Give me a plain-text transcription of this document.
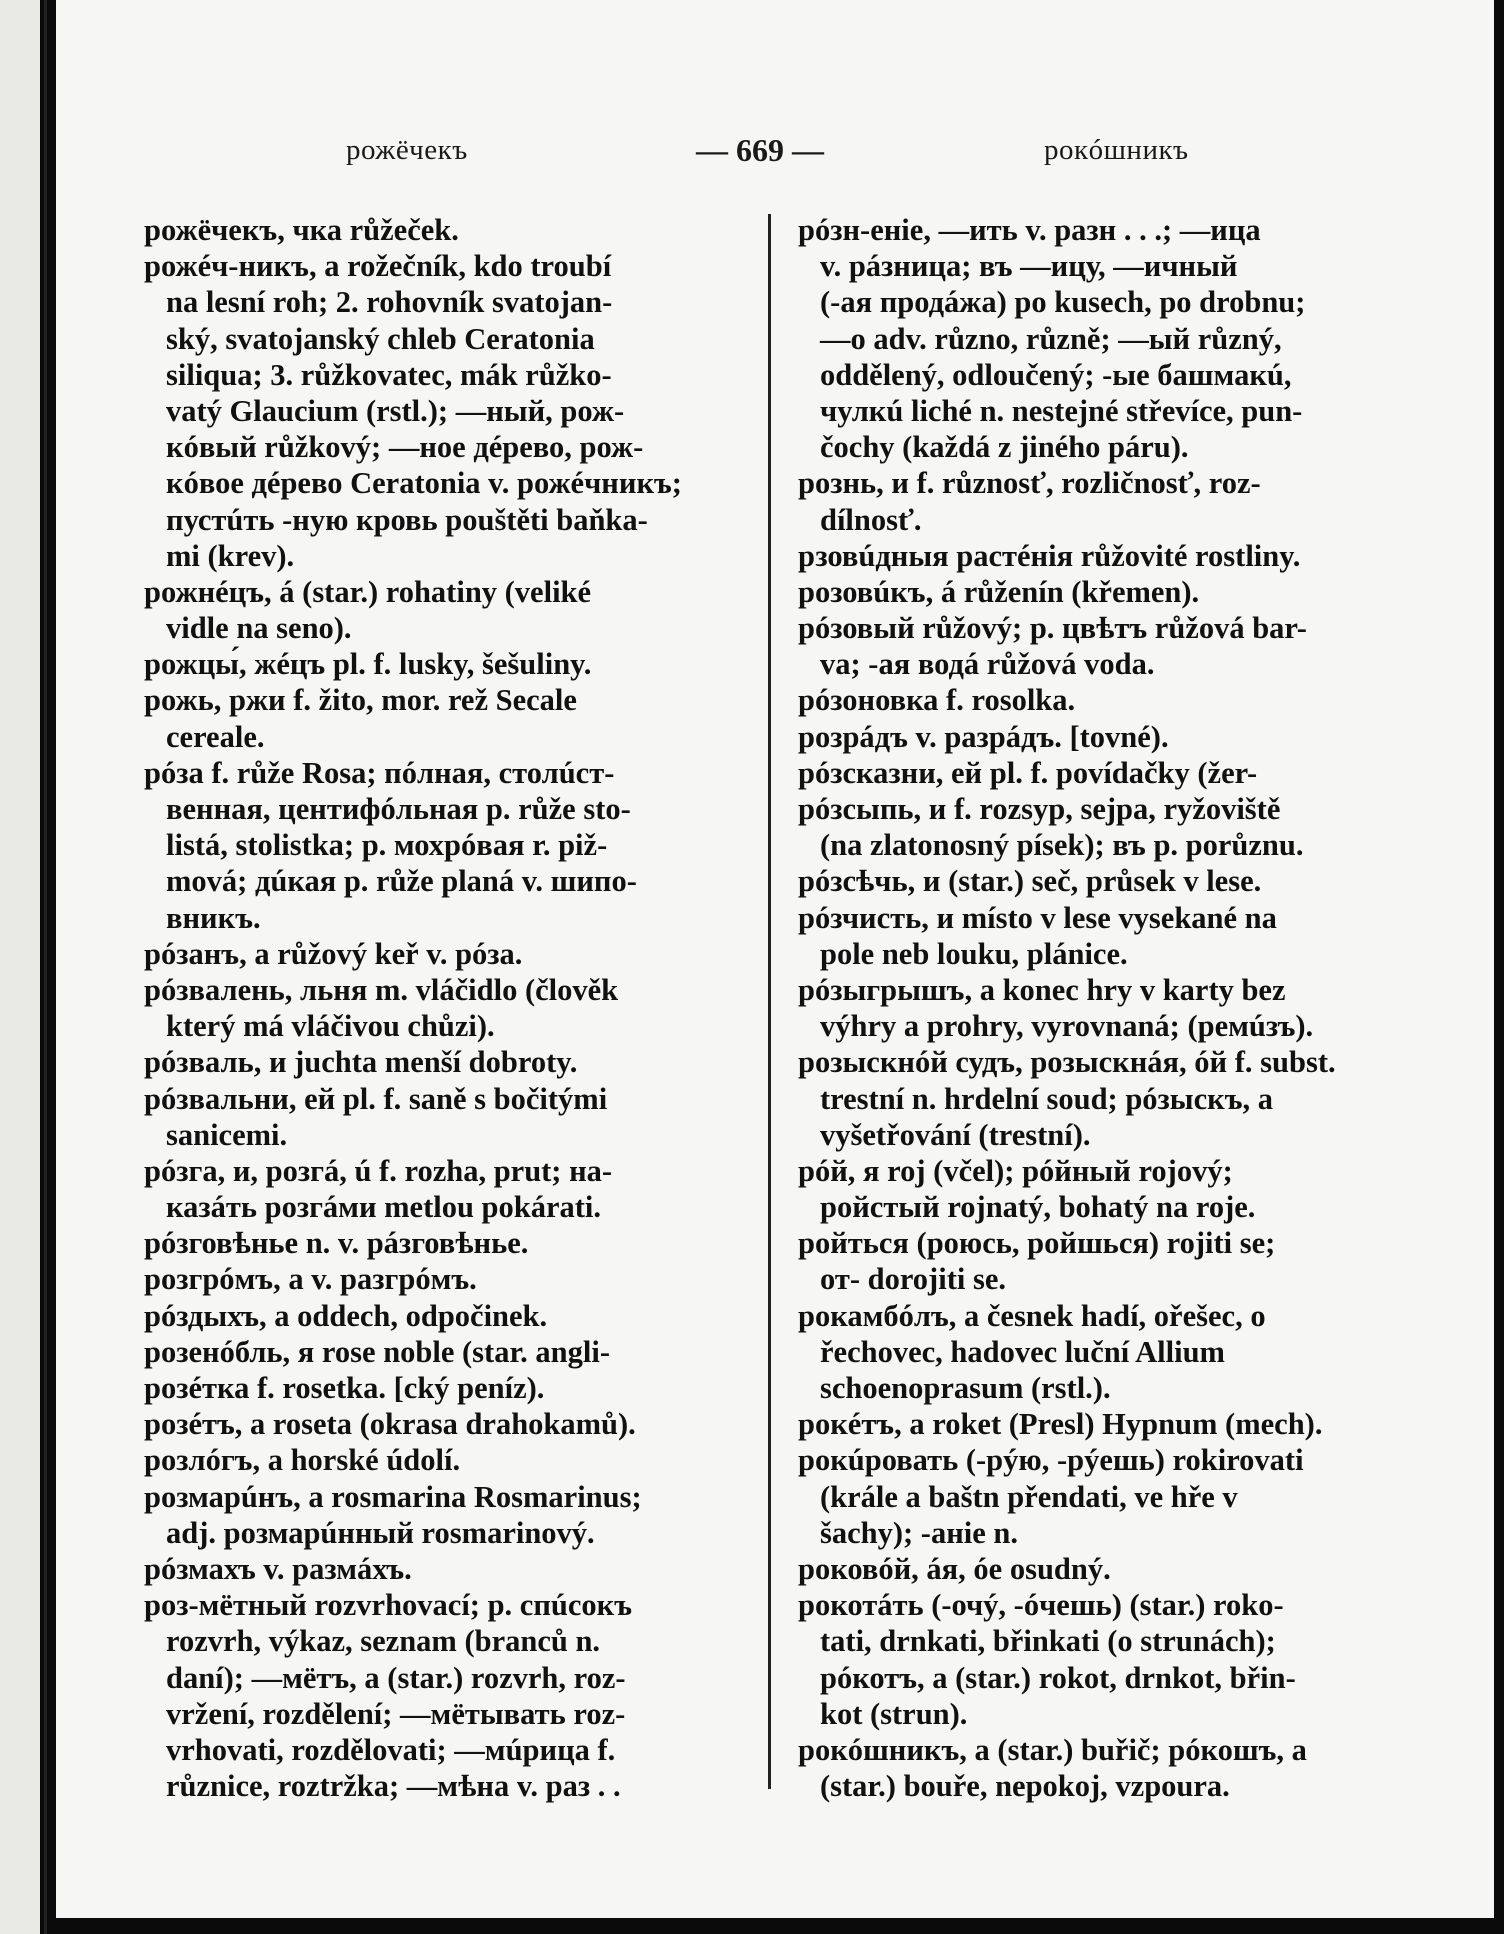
рожёчекъ	— 669 —	рокóшникъ
рожёчекъ, чка růžeček.
рожéч-никъ, a rožečník, kdo troubí
na lesní roh; 2. rohovník svatojan-
ský, svatojanský chleb Ceratonia
siliqua; 3. růžkovatec, mák růžko-
vatý Glaucium (rstl.); —ный, рож-
кóвый růžkový; —ное дéрево, рож-
кóвое дéрево Ceratonia v. рожéчникъ;
пустúть -ную кровь pouštěti baňka-
mi (krev).
рожнéцъ, á (star.) rohatiny (veliké
vidle na seno).
рожцы́, жéцъ pl. f. lusky, šešuliny.
рожь, ржи f. žito, mor. rež Secale
cereale.
рóза f. růže Rosa; пóлная, столúст-
венная, центифóльная р. růže sto-
listá, stolistka; р. мохрóвая r. piž-
mová; дúкая р. růže planá v. шипо-
вникъ.
рóзанъ, a růžový keř v. рóза.
рóзвалень, льня m. vláčidlo (člověk
který má vláčivou chůzi).
рóзваль, и juchta menší dobroty.
рóзвальни, ей pl. f. saně s bočitými
sanicemi.
рóзга, и, розгá, ú f. rozha, prut; на-
казáть розгáми metlou pokárati.
рóзговѣнье n. v. рáзговѣнье.
розгрóмъ, a v. разгрóмъ.
рóздыхъ, a oddech, odpočinek.
розенóбль, я rose noble (star. angli-
розéтка f. rosetka. [cký peníz).
розéтъ, a roseta (okrasa drahokamů).
розлóгъ, a horské údolí.
розмарúнъ, a rosmarina Rosmarinus;
adj. розмарúнный rosmarinový.
рóзмахъ v. размáхъ.
роз-мётный rozvrhovací; р. спúсокъ
rozvrh, výkaz, seznam (branců n.
daní); —мётъ, a (star.) rozvrh, roz-
vržení, rozdělení; —мётывать roz-
vrhovati, rozdělovati; —мúрица f.
různice, roztržka; —мѣна v. раз . .
рóзн-еніе, —ить v. разн . . .; —ица
v. рáзница; въ —ицу, —ичный
(-ая продáжа) po kusech, po drobnu;
—о adv. různo, různě; —ый různý,
oddělený, odloučený; -ые башмакú,
чулкú liché n. nestejné střevíce, pun-
čochy (každá z jiného páru).
рознь, и f. různosť, rozličnosť, roz-
dílnosť.
рзовúдныя растéнія růžovité rostliny.
розовúкъ, á růženín (křemen).
рóзовый růžový; р. цвѣтъ růžová bar-
va; -ая водá růžová voda.
рóзоновка f. rosolka.
розрáдъ v. разрáдъ. [tovné).
рóзсказни, ей pl. f. povídačky (žer-
рóзсыпь, и f. rozsyp, sejpa, ryžoviště
(na zlatonosný písek); въ р. porůznu.
рóзсѣчь, и (star.) seč, průsek v lese.
рóзчисть, и místo v lese vysekané na
pole neb louku, plánice.
рóзыгрышъ, a konec hry v karty bez
výhry a prohry, vyrovnaná; (ремúзъ).
розыскнóй судъ, розыскнáя, óй f. subst.
trestní n. hrdelní soud; рóзыскъ, a
vyšetřování (trestní).
рóй, я roj (včel); рóйный rojový;
ройстый rojnatý, bohatý na roje.
ройться (роюсь, ройшься) rojiti se;
от- dorojiti se.
рокамбóлъ, a česnek hadí, ořešec, o
řechovec, hadovec luční Allium
schoenoprasum (rstl.).
рокéтъ, a roket (Presl) Hypnum (mech).
рокúровать (-рýю, -рýешь) rokirovati
(krále a baštn přendati, ve hře v
šachy); -аніе n.
роковóй, áя, óе osudný.
рокотáть (-очý, -óчешь) (star.) roko-
tati, drnkati, břinkati (o strunách);
рóкотъ, a (star.) rokot, drnkot, břin-
kot (strun).
рокóшникъ, a (star.) buřič; рóкошъ, a
(star.) bouře, nepokoj, vzpoura.
